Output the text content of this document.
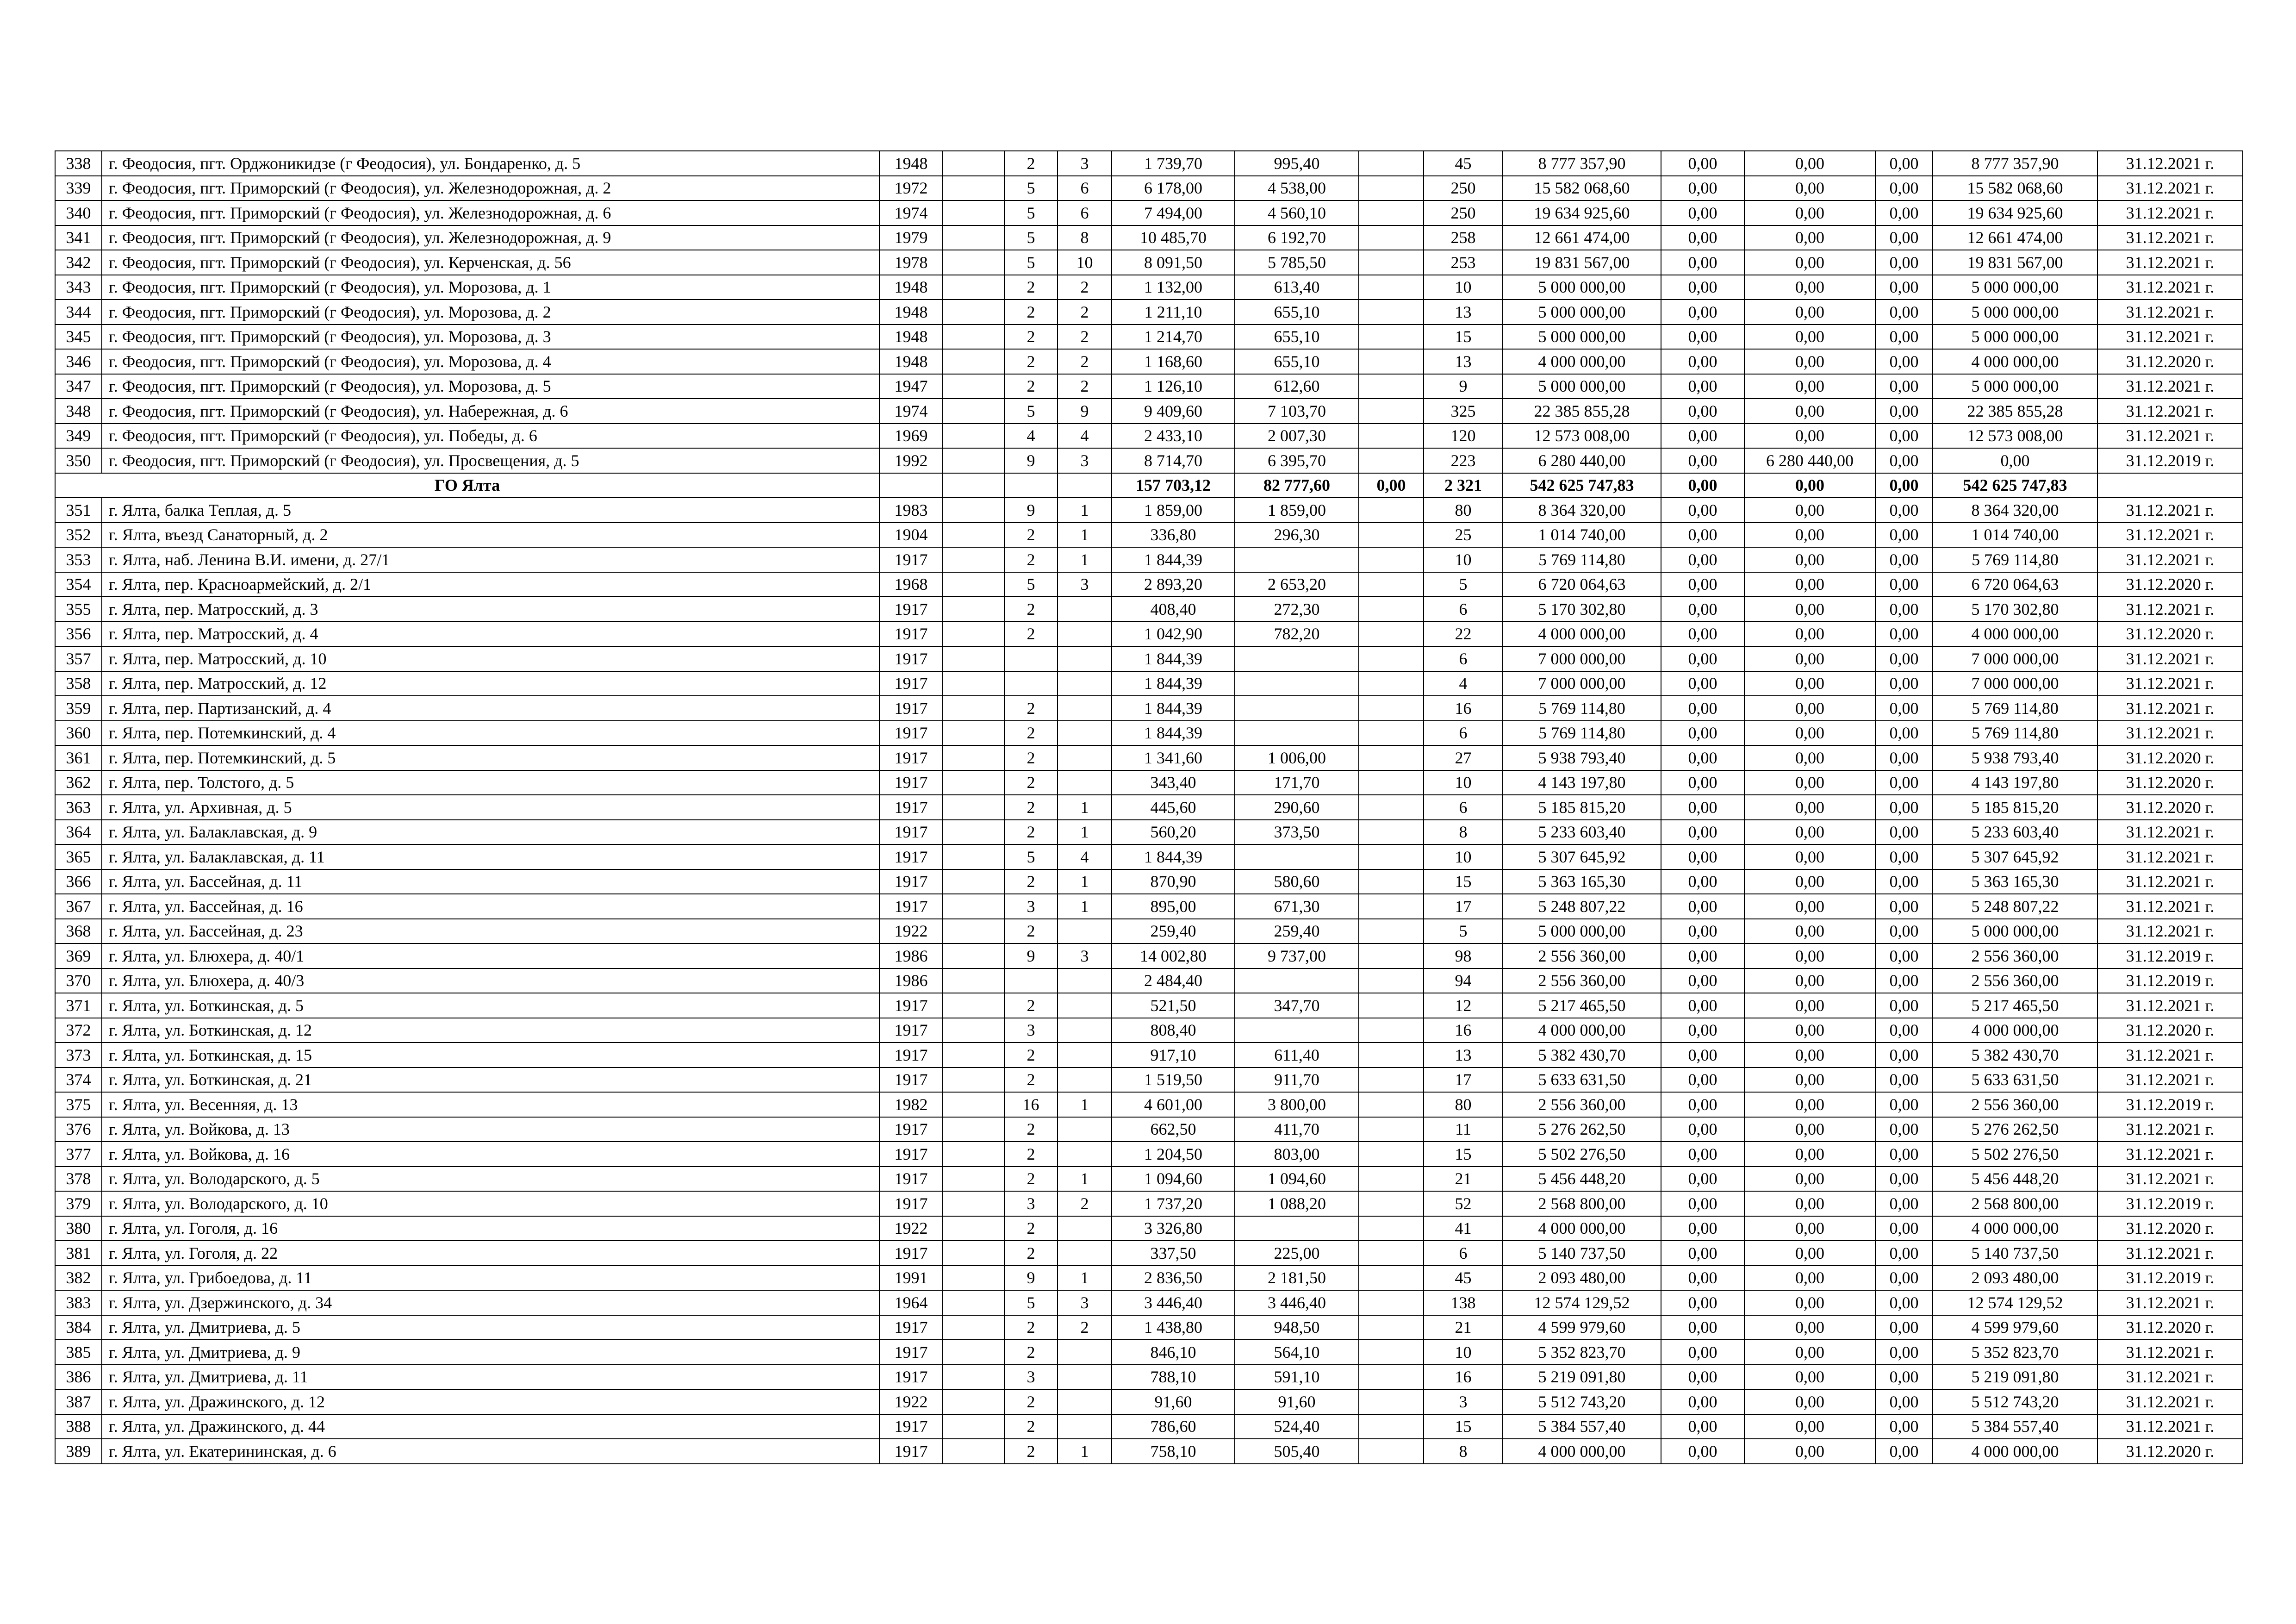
338	г. Феодосия, пгт. Орджоникидзе (г Феодосия), ул. Бондаренко, д. 5	1948		2	3	1 739,70	995,40		45	8 777 357,90	0,00	0,00	0,00	8 777 357,90	31.12.2021 г.
339	г. Феодосия, пгт. Приморский (г Феодосия), ул. Железнодорожная, д. 2	1972		5	6	6 178,00	4 538,00		250	15 582 068,60	0,00	0,00	0,00	15 582 068,60	31.12.2021 г.
340	г. Феодосия, пгт. Приморский (г Феодосия), ул. Железнодорожная, д. 6	1974		5	6	7 494,00	4 560,10		250	19 634 925,60	0,00	0,00	0,00	19 634 925,60	31.12.2021 г.
341	г. Феодосия, пгт. Приморский (г Феодосия), ул. Железнодорожная, д. 9	1979		5	8	10 485,70	6 192,70		258	12 661 474,00	0,00	0,00	0,00	12 661 474,00	31.12.2021 г.
342	г. Феодосия, пгт. Приморский (г Феодосия), ул. Керченская, д. 56	1978		5	10	8 091,50	5 785,50		253	19 831 567,00	0,00	0,00	0,00	19 831 567,00	31.12.2021 г.
343	г. Феодосия, пгт. Приморский (г Феодосия), ул. Морозова, д. 1	1948		2	2	1 132,00	613,40		10	5 000 000,00	0,00	0,00	0,00	5 000 000,00	31.12.2021 г.
344	г. Феодосия, пгт. Приморский (г Феодосия), ул. Морозова, д. 2	1948		2	2	1 211,10	655,10		13	5 000 000,00	0,00	0,00	0,00	5 000 000,00	31.12.2021 г.
345	г. Феодосия, пгт. Приморский (г Феодосия), ул. Морозова, д. 3	1948		2	2	1 214,70	655,10		15	5 000 000,00	0,00	0,00	0,00	5 000 000,00	31.12.2021 г.
346	г. Феодосия, пгт. Приморский (г Феодосия), ул. Морозова, д. 4	1948		2	2	1 168,60	655,10		13	4 000 000,00	0,00	0,00	0,00	4 000 000,00	31.12.2020 г.
347	г. Феодосия, пгт. Приморский (г Феодосия), ул. Морозова, д. 5	1947		2	2	1 126,10	612,60		9	5 000 000,00	0,00	0,00	0,00	5 000 000,00	31.12.2021 г.
348	г. Феодосия, пгт. Приморский (г Феодосия), ул. Набережная, д. 6	1974		5	9	9 409,60	7 103,70		325	22 385 855,28	0,00	0,00	0,00	22 385 855,28	31.12.2021 г.
349	г. Феодосия, пгт. Приморский (г Феодосия), ул. Победы, д. 6	1969		4	4	2 433,10	2 007,30		120	12 573 008,00	0,00	0,00	0,00	12 573 008,00	31.12.2021 г.
350	г. Феодосия, пгт. Приморский (г Феодосия), ул. Просвещения, д. 5	1992		9	3	8 714,70	6 395,70		223	6 280 440,00	0,00	6 280 440,00	0,00	0,00	31.12.2019 г.
ГО Ялта						157 703,12	82 777,60	0,00	2 321	542 625 747,83	0,00	0,00	0,00	542 625 747,83	
351	г. Ялта, балка Теплая, д. 5	1983		9	1	1 859,00	1 859,00		80	8 364 320,00	0,00	0,00	0,00	8 364 320,00	31.12.2021 г.
352	г. Ялта, въезд Санаторный, д. 2	1904		2	1	336,80	296,30		25	1 014 740,00	0,00	0,00	0,00	1 014 740,00	31.12.2021 г.
353	г. Ялта, наб. Ленина В.И. имени, д. 27/1	1917		2	1	1 844,39			10	5 769 114,80	0,00	0,00	0,00	5 769 114,80	31.12.2021 г.
354	г. Ялта, пер. Красноармейский, д. 2/1	1968		5	3	2 893,20	2 653,20		5	6 720 064,63	0,00	0,00	0,00	6 720 064,63	31.12.2020 г.
355	г. Ялта, пер. Матросский, д. 3	1917		2		408,40	272,30		6	5 170 302,80	0,00	0,00	0,00	5 170 302,80	31.12.2021 г.
356	г. Ялта, пер. Матросский, д. 4	1917		2		1 042,90	782,20		22	4 000 000,00	0,00	0,00	0,00	4 000 000,00	31.12.2020 г.
357	г. Ялта, пер. Матросский, д. 10	1917				1 844,39			6	7 000 000,00	0,00	0,00	0,00	7 000 000,00	31.12.2021 г.
358	г. Ялта, пер. Матросский, д. 12	1917				1 844,39			4	7 000 000,00	0,00	0,00	0,00	7 000 000,00	31.12.2021 г.
359	г. Ялта, пер. Партизанский, д. 4	1917		2		1 844,39			16	5 769 114,80	0,00	0,00	0,00	5 769 114,80	31.12.2021 г.
360	г. Ялта, пер. Потемкинский, д. 4	1917		2		1 844,39			6	5 769 114,80	0,00	0,00	0,00	5 769 114,80	31.12.2021 г.
361	г. Ялта, пер. Потемкинский, д. 5	1917		2		1 341,60	1 006,00		27	5 938 793,40	0,00	0,00	0,00	5 938 793,40	31.12.2020 г.
362	г. Ялта, пер. Толстого, д. 5	1917		2		343,40	171,70		10	4 143 197,80	0,00	0,00	0,00	4 143 197,80	31.12.2020 г.
363	г. Ялта, ул. Архивная, д. 5	1917		2	1	445,60	290,60		6	5 185 815,20	0,00	0,00	0,00	5 185 815,20	31.12.2020 г.
364	г. Ялта, ул. Балаклавская, д. 9	1917		2	1	560,20	373,50		8	5 233 603,40	0,00	0,00	0,00	5 233 603,40	31.12.2021 г.
365	г. Ялта, ул. Балаклавская, д. 11	1917		5	4	1 844,39			10	5 307 645,92	0,00	0,00	0,00	5 307 645,92	31.12.2021 г.
366	г. Ялта, ул. Бассейная, д. 11	1917		2	1	870,90	580,60		15	5 363 165,30	0,00	0,00	0,00	5 363 165,30	31.12.2021 г.
367	г. Ялта, ул. Бассейная, д. 16	1917		3	1	895,00	671,30		17	5 248 807,22	0,00	0,00	0,00	5 248 807,22	31.12.2021 г.
368	г. Ялта, ул. Бассейная, д. 23	1922		2		259,40	259,40		5	5 000 000,00	0,00	0,00	0,00	5 000 000,00	31.12.2021 г.
369	г. Ялта, ул. Блюхера, д. 40/1	1986		9	3	14 002,80	9 737,00		98	2 556 360,00	0,00	0,00	0,00	2 556 360,00	31.12.2019 г.
370	г. Ялта, ул. Блюхера, д. 40/3	1986				2 484,40			94	2 556 360,00	0,00	0,00	0,00	2 556 360,00	31.12.2019 г.
371	г. Ялта, ул. Боткинская, д. 5	1917		2		521,50	347,70		12	5 217 465,50	0,00	0,00	0,00	5 217 465,50	31.12.2021 г.
372	г. Ялта, ул. Боткинская, д. 12	1917		3		808,40			16	4 000 000,00	0,00	0,00	0,00	4 000 000,00	31.12.2020 г.
373	г. Ялта, ул. Боткинская, д. 15	1917		2		917,10	611,40		13	5 382 430,70	0,00	0,00	0,00	5 382 430,70	31.12.2021 г.
374	г. Ялта, ул. Боткинская, д. 21	1917		2		1 519,50	911,70		17	5 633 631,50	0,00	0,00	0,00	5 633 631,50	31.12.2021 г.
375	г. Ялта, ул. Весенняя, д. 13	1982		16	1	4 601,00	3 800,00		80	2 556 360,00	0,00	0,00	0,00	2 556 360,00	31.12.2019 г.
376	г. Ялта, ул. Войкова, д. 13	1917		2		662,50	411,70		11	5 276 262,50	0,00	0,00	0,00	5 276 262,50	31.12.2021 г.
377	г. Ялта, ул. Войкова, д. 16	1917		2		1 204,50	803,00		15	5 502 276,50	0,00	0,00	0,00	5 502 276,50	31.12.2021 г.
378	г. Ялта, ул. Володарского, д. 5	1917		2	1	1 094,60	1 094,60		21	5 456 448,20	0,00	0,00	0,00	5 456 448,20	31.12.2021 г.
379	г. Ялта, ул. Володарского, д. 10	1917		3	2	1 737,20	1 088,20		52	2 568 800,00	0,00	0,00	0,00	2 568 800,00	31.12.2019 г.
380	г. Ялта, ул. Гоголя, д. 16	1922		2		3 326,80			41	4 000 000,00	0,00	0,00	0,00	4 000 000,00	31.12.2020 г.
381	г. Ялта, ул. Гоголя, д. 22	1917		2		337,50	225,00		6	5 140 737,50	0,00	0,00	0,00	5 140 737,50	31.12.2021 г.
382	г. Ялта, ул. Грибоедова, д. 11	1991		9	1	2 836,50	2 181,50		45	2 093 480,00	0,00	0,00	0,00	2 093 480,00	31.12.2019 г.
383	г. Ялта, ул. Дзержинского, д. 34	1964		5	3	3 446,40	3 446,40		138	12 574 129,52	0,00	0,00	0,00	12 574 129,52	31.12.2021 г.
384	г. Ялта, ул. Дмитриева, д. 5	1917		2	2	1 438,80	948,50		21	4 599 979,60	0,00	0,00	0,00	4 599 979,60	31.12.2020 г.
385	г. Ялта, ул. Дмитриева, д. 9	1917		2		846,10	564,10		10	5 352 823,70	0,00	0,00	0,00	5 352 823,70	31.12.2021 г.
386	г. Ялта, ул. Дмитриева, д. 11	1917		3		788,10	591,10		16	5 219 091,80	0,00	0,00	0,00	5 219 091,80	31.12.2021 г.
387	г. Ялта, ул. Дражинского, д. 12	1922		2		91,60	91,60		3	5 512 743,20	0,00	0,00	0,00	5 512 743,20	31.12.2021 г.
388	г. Ялта, ул. Дражинского, д. 44	1917		2		786,60	524,40		15	5 384 557,40	0,00	0,00	0,00	5 384 557,40	31.12.2021 г.
389	г. Ялта, ул. Екатерининская, д. 6	1917		2	1	758,10	505,40		8	4 000 000,00	0,00	0,00	0,00	4 000 000,00	31.12.2020 г.
